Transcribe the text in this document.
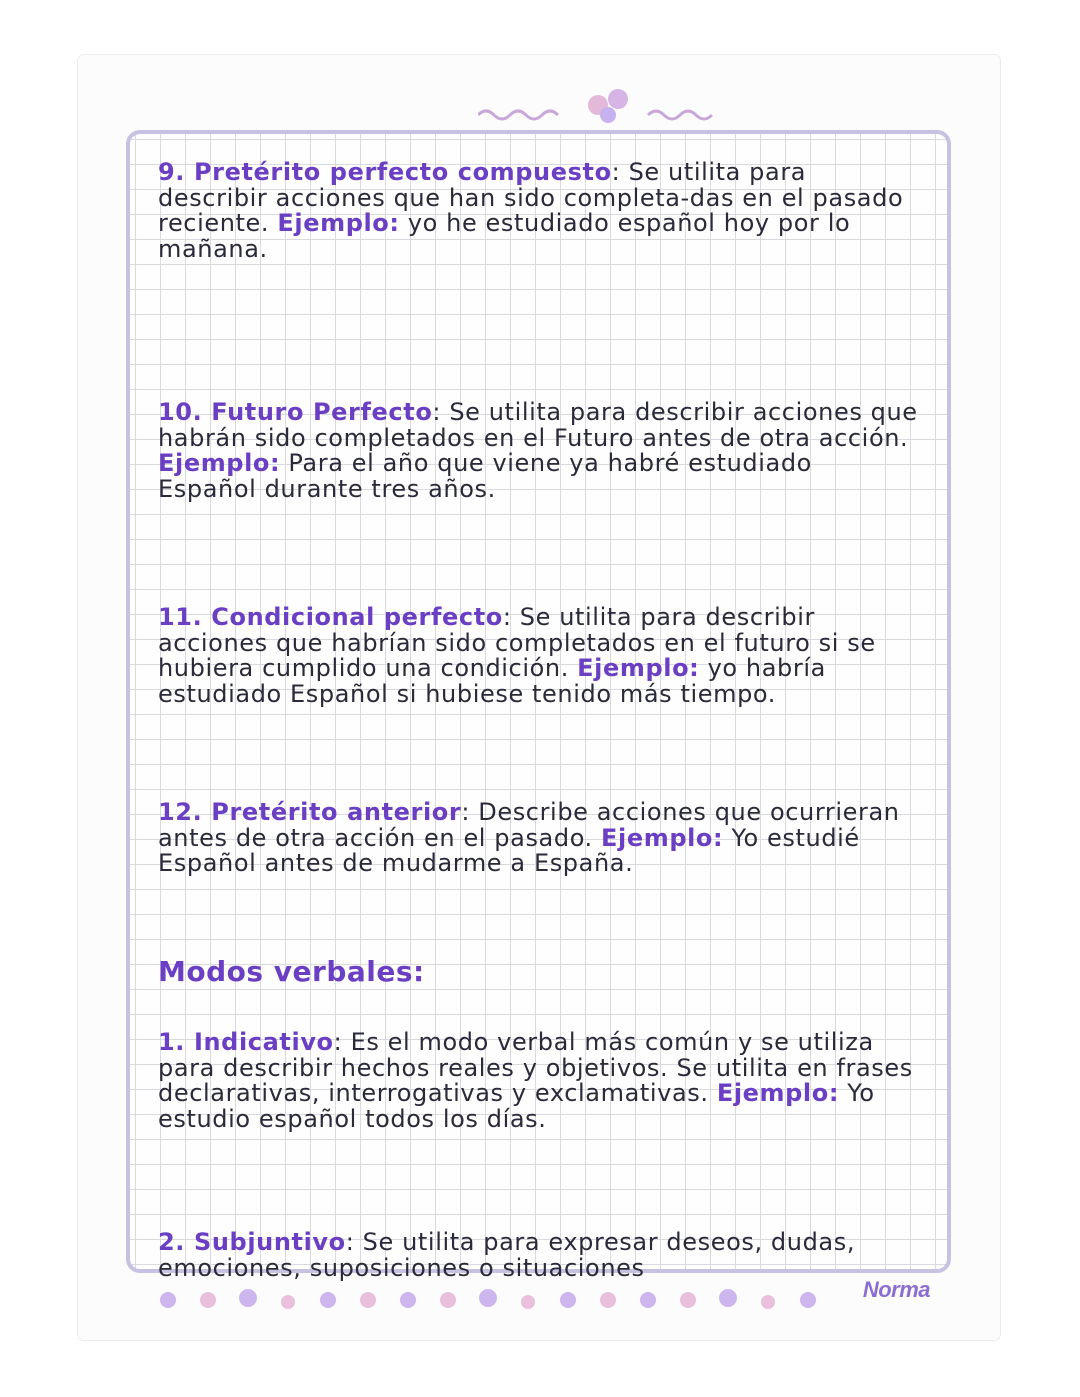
9. Pretérito perfecto compuesto: Se utilita para describir acciones que han sido completa-das en el pasado reciente. Ejemplo: yo he estudiado español hoy por lo mañana.

10. Futuro Perfecto: Se utilita para describir acciones que habrán sido completados en el Futuro antes de otra acción. Ejemplo: Para el año que viene ya habré estudiado Español durante tres años.

11. Condicional perfecto: Se utilita para describir acciones que habrían sido completados en el futuro si se hubiera cumplido una condición. Ejemplo: yo habría estudiado Español si hubiese tenido más tiempo.

12. Pretérito anterior: Describe acciones que ocurrieran antes de otra acción en el pasado. Ejemplo: Yo estudié Español antes de mudarme a España.

Modos verbales:

1. Indicativo: Es el modo verbal más común y se utiliza para describir hechos reales y objetivos. Se utilita en frases declarativas, interrogativas y exclamativas. Ejemplo: Yo estudio español todos los días.

2. Subjuntivo: Se utilita para expresar deseos, dudas, emociones, suposiciones o situaciones

Norma
